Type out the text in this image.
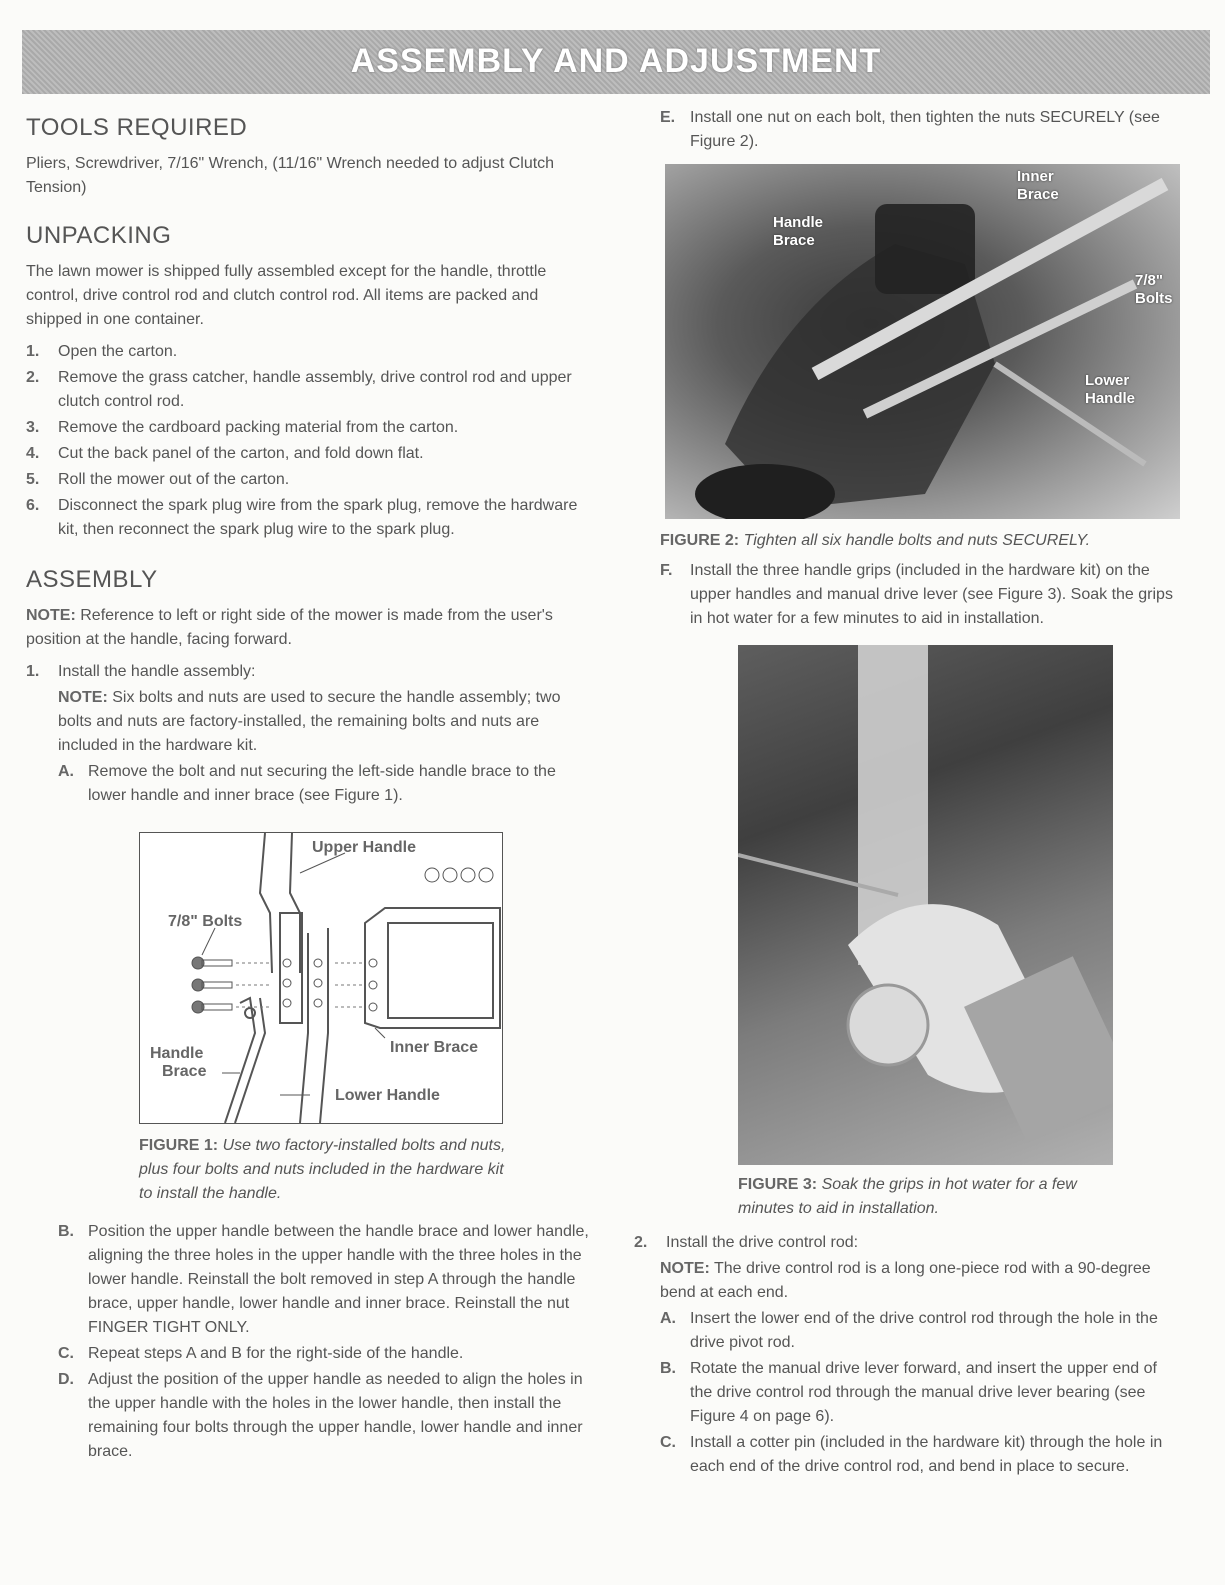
ASSEMBLY AND ADJUSTMENT
TOOLS REQUIRED

Pliers, Screwdriver, 7/16" Wrench, (11/16" Wrench needed to adjust Clutch Tension)

UNPACKING

The lawn mower is shipped fully assembled except for the handle, throttle control, drive control rod and clutch control rod. All items are packed and shipped in one container.

1. Open the carton.
2. Remove the grass catcher, handle assembly, drive control rod and upper clutch control rod.
3. Remove the cardboard packing material from the carton.
4. Cut the back panel of the carton, and fold down flat.
5. Roll the mower out of the carton.
6. Disconnect the spark plug wire from the spark plug, remove the hardware kit, then reconnect the spark plug wire to the spark plug.
ASSEMBLY

NOTE: Reference to left or right side of the mower is made from the user's position at the handle, facing forward.

1. Install the handle assembly:

NOTE: Six bolts and nuts are used to secure the handle assembly; two bolts and nuts are factory-installed, the remaining bolts and nuts are included in the hardware kit.

A. Remove the bolt and nut securing the left-side handle brace to the lower handle and inner brace (see Figure 1).
Upper Handle
7/8" Bolts
Handle
Brace
Inner Brace
Lower Handle
FIGURE 1: Use two factory-installed bolts and nuts, plus four bolts and nuts included in the hardware kit to install the handle.
B. Position the upper handle between the handle brace and lower handle, aligning the three holes in the upper handle with the three holes in the lower handle. Reinstall the bolt removed in step A through the handle brace, upper handle, lower handle and inner brace. Reinstall the nut FINGER TIGHT ONLY.
C. Repeat steps A and B for the right-side of the handle.
D. Adjust the position of the upper handle as needed to align the holes in the upper handle with the holes in the lower handle, then install the remaining four bolts through the upper handle, lower handle and inner brace.
E. Install one nut on each bolt, then tighten the nuts SECURELY (see Figure 2).
Inner
Brace
Handle
Brace
7/8"
Bolts
Lower
Handle
FIGURE 2: Tighten all six handle bolts and nuts SECURELY.
F. Install the three handle grips (included in the hardware kit) on the upper handles and manual drive lever (see Figure 3). Soak the grips in hot water for a few minutes to aid in installation.
FIGURE 3: Soak the grips in hot water for a few minutes to aid in installation.
2. Install the drive control rod:

NOTE: The drive control rod is a long one-piece rod with a 90-degree bend at each end.

A. Insert the lower end of the drive control rod through the hole in the drive pivot rod.
B. Rotate the manual drive lever forward, and insert the upper end of the drive control rod through the manual drive lever bearing (see Figure 4 on page 6).
C. Install a cotter pin (included in the hardware kit) through the hole in each end of the drive control rod, and bend in place to secure.
